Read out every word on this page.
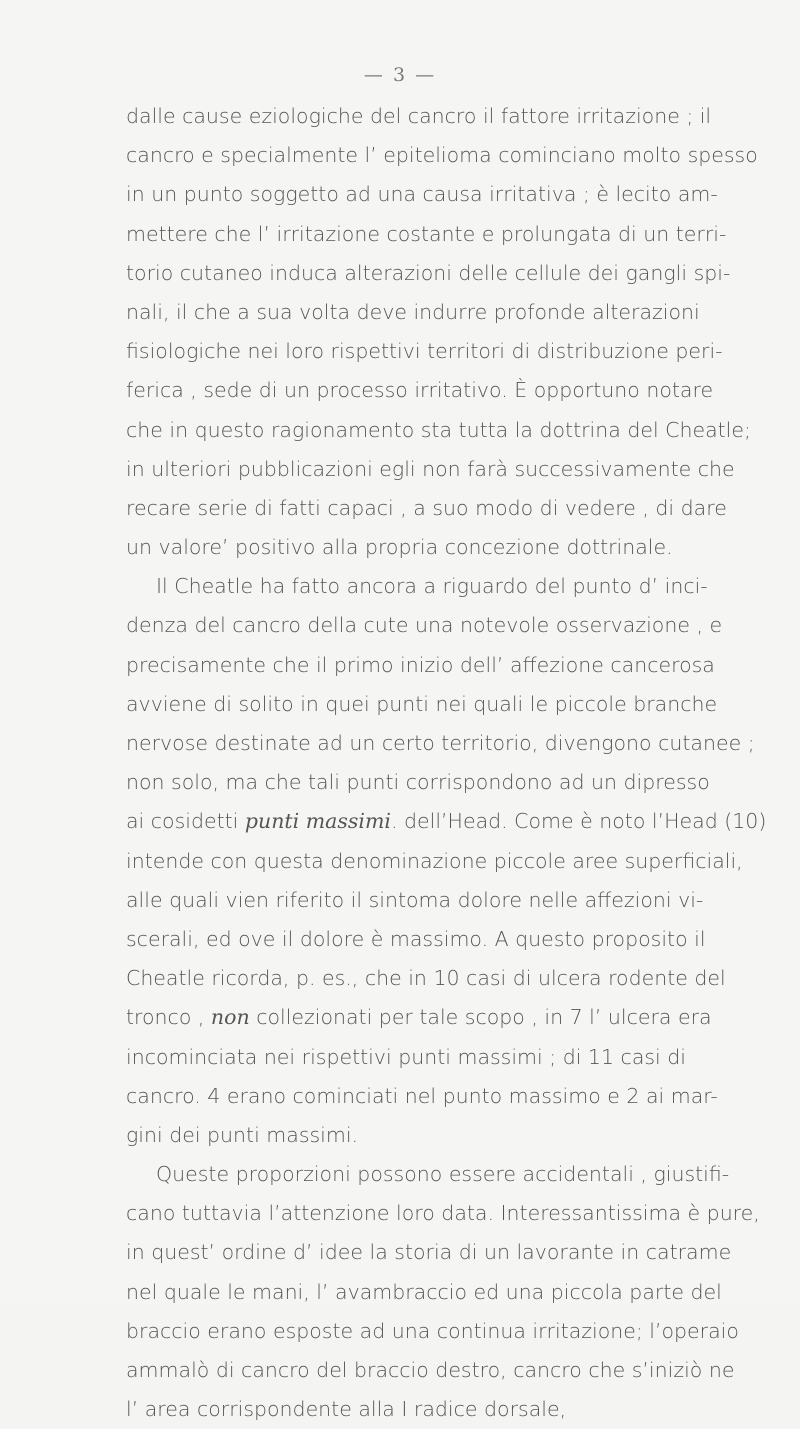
— 3 —
dalle cause eziologiche del cancro il fattore irritazione ; il
cancro e specialmente l’ epitelioma cominciano molto spesso
in un punto soggetto ad una causa irritativa ; è lecito am-
mettere che l’ irritazione costante e prolungata di un terri-
torio cutaneo induca alterazioni delle cellule dei gangli spi-
nali, il che a sua volta deve indurre profonde alterazioni
fisiologiche nei loro rispettivi territori di distribuzione peri-
ferica , sede di un processo irritativo. È opportuno notare
che in questo ragionamento sta tutta la dottrina del Cheatle;
in ulteriori pubblicazioni egli non farà successivamente che
recare serie di fatti capaci , a suo modo di vedere , di dare
un valore’ positivo alla propria concezione dottrinale.
Il Cheatle ha fatto ancora a riguardo del punto d’ inci-
denza del cancro della cute una notevole osservazione , e
precisamente che il primo inizio dell’ affezione cancerosa
avviene di solito in quei punti nei quali le piccole branche
nervose destinate ad un certo territorio, divengono cutanee ;
non solo, ma che tali punti corrispondono ad un dipresso
ai cosidetti punti massimi. dell’Head. Come è noto l’Head (10)
intende con questa denominazione piccole aree superficiali,
alle quali vien riferito il sintoma dolore nelle affezioni vi-
scerali, ed ove il dolore è massimo. A questo proposito il
Cheatle ricorda, p. es., che in 10 casi di ulcera rodente del
tronco , non collezionati per tale scopo , in 7 l’ ulcera era
incominciata nei rispettivi punti massimi ; di 11 casi di
cancro. 4 erano cominciati nel punto massimo e 2 ai mar-
gini dei punti massimi.
Queste proporzioni possono essere accidentali , giustifi-
cano tuttavia l’attenzione loro data. Interessantissima è pure,
in quest’ ordine d’ idee la storia di un lavorante in catrame
nel quale le mani, l’ avambraccio ed una piccola parte del
braccio erano esposte ad una continua irritazione; l’operaio
ammalò di cancro del braccio destro, cancro che s’iniziò ne
l’ area corrispondente alla I radice dorsale,
